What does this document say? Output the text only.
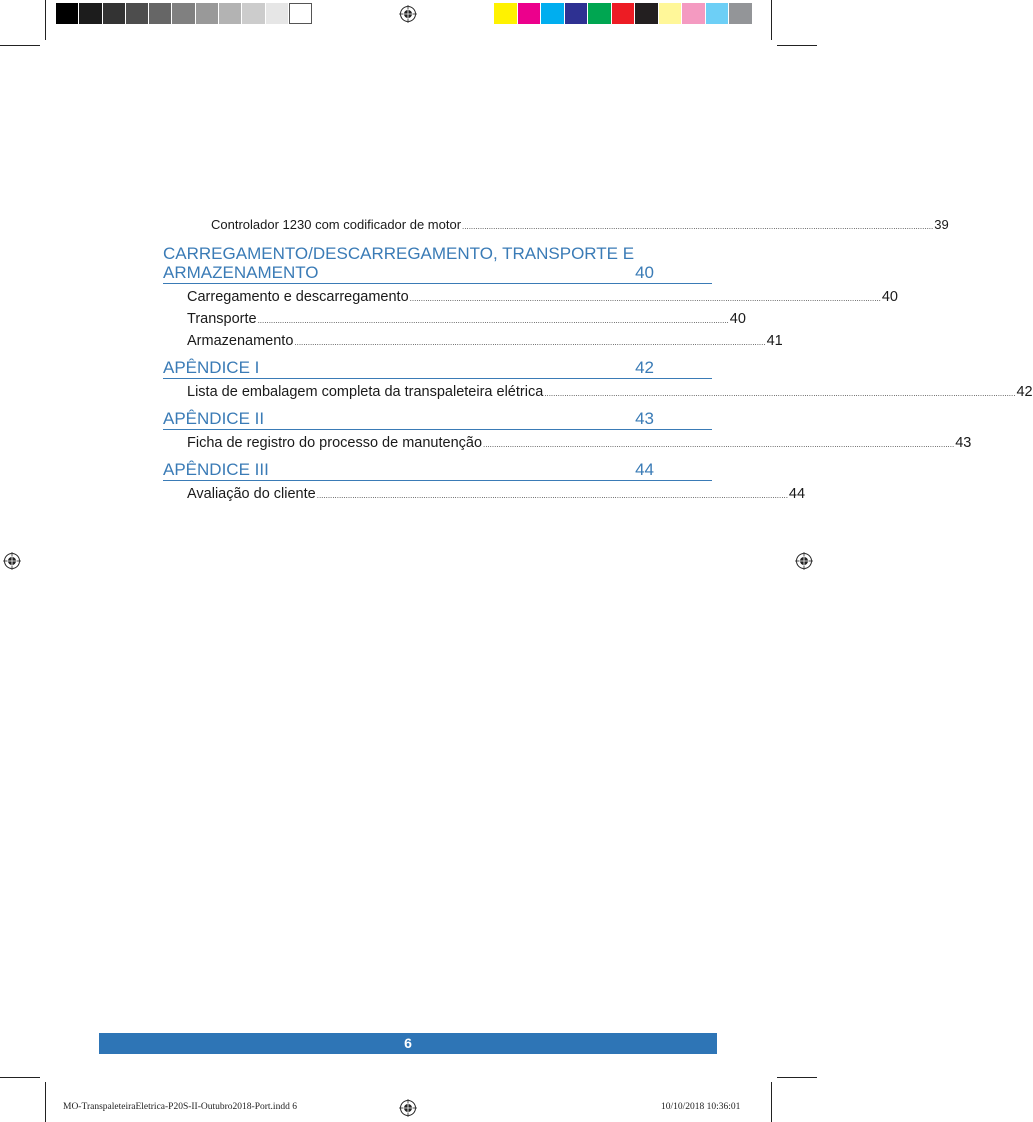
Controlador 1230 com codificador de motor .................................................................................................................................................................................................................... 39
CARREGAMENTO/DESCARREGAMENTO, TRANSPORTE E
ARMAZENAMENTO	40
Carregamento e descarregamento .................................................................................................................................................................................................................... 40
Transporte .................................................................................................................................................................................................................... 40
Armazenamento .................................................................................................................................................................................................................... 41
APÊNDICE I	42
Lista de embalagem completa da transpaleteira elétrica .................................................................................................................................................................................................................... 42
APÊNDICE II	43
Ficha de registro do processo de manutenção .................................................................................................................................................................................................................... 43
APÊNDICE III	44
Avaliação do cliente .................................................................................................................................................................................................................... 44
6
MO-TranspaleteiraEletrica-P20S-II-Outubro2018-Port.indd 6	10/10/2018 10:36:01
